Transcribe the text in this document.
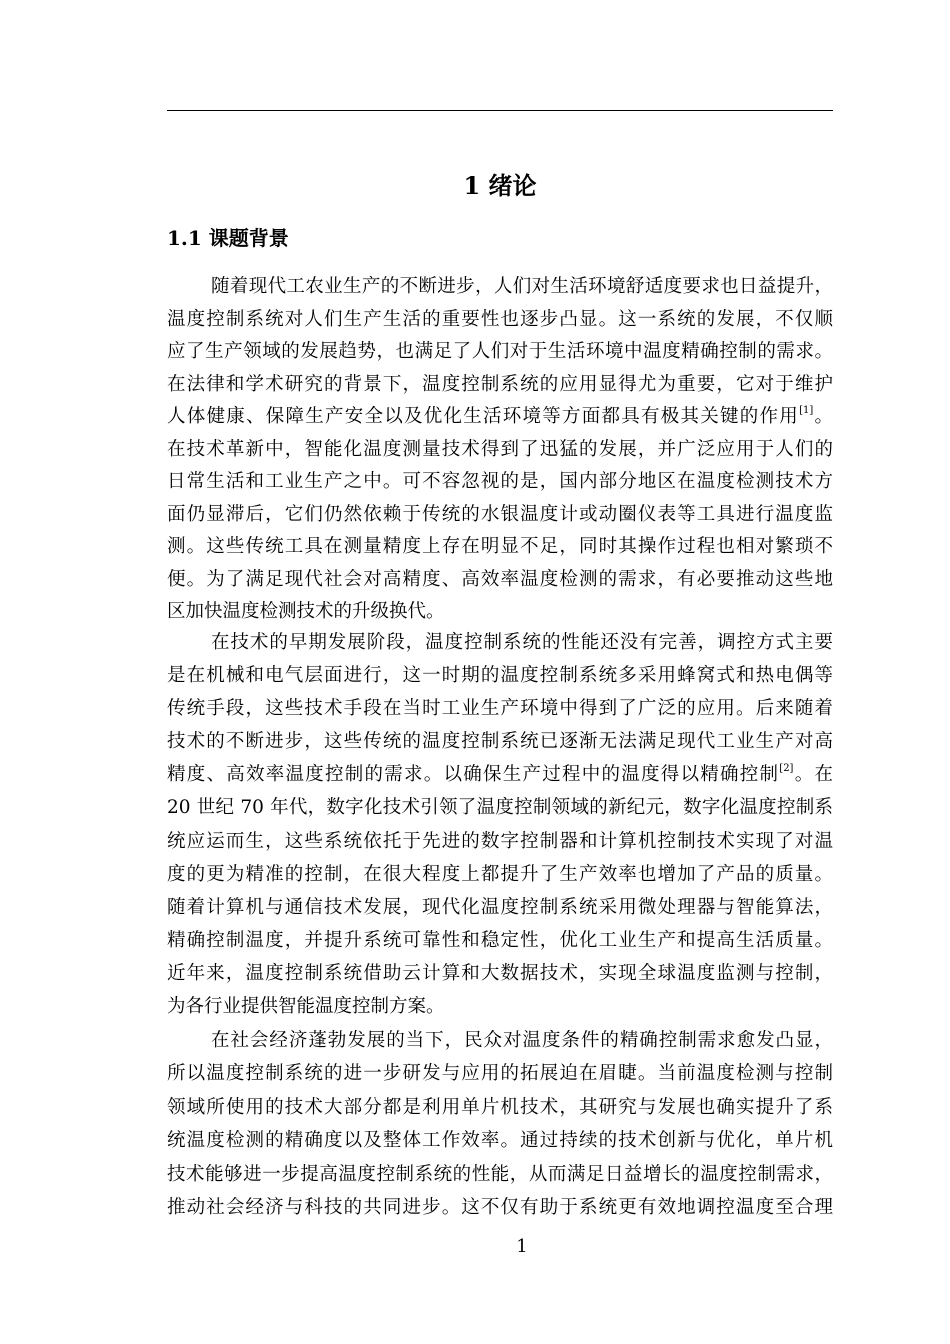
1 绪论
1.1 课题背景
随着现代工农业生产的不断进步，人们对生活环境舒适度要求也日益提升，
温度控制系统对人们生产生活的重要性也逐步凸显。这一系统的发展，不仅顺
应了生产领域的发展趋势，也满足了人们对于生活环境中温度精确控制的需求。
在法律和学术研究的背景下，温度控制系统的应用显得尤为重要，它对于维护
人体健康、保障生产安全以及优化生活环境等方面都具有极其关键的作用[1]。
在技术革新中，智能化温度测量技术得到了迅猛的发展，并广泛应用于人们的
日常生活和工业生产之中。可不容忽视的是，国内部分地区在温度检测技术方
面仍显滞后，它们仍然依赖于传统的水银温度计或动圈仪表等工具进行温度监
测。这些传统工具在测量精度上存在明显不足，同时其操作过程也相对繁琐不
便。为了满足现代社会对高精度、高效率温度检测的需求，有必要推动这些地
区加快温度检测技术的升级换代。
在技术的早期发展阶段，温度控制系统的性能还没有完善，调控方式主要
是在机械和电气层面进行，这一时期的温度控制系统多采用蜂窝式和热电偶等
传统手段，这些技术手段在当时工业生产环境中得到了广泛的应用。后来随着
技术的不断进步，这些传统的温度控制系统已逐渐无法满足现代工业生产对高
精度、高效率温度控制的需求。以确保生产过程中的温度得以精确控制[2]。在
20 世纪 70 年代，数字化技术引领了温度控制领域的新纪元，数字化温度控制系
统应运而生，这些系统依托于先进的数字控制器和计算机控制技术实现了对温
度的更为精准的控制，在很大程度上都提升了生产效率也增加了产品的质量。
随着计算机与通信技术发展，现代化温度控制系统采用微处理器与智能算法，
精确控制温度，并提升系统可靠性和稳定性，优化工业生产和提高生活质量。
近年来，温度控制系统借助云计算和大数据技术，实现全球温度监测与控制，
为各行业提供智能温度控制方案。
在社会经济蓬勃发展的当下，民众对温度条件的精确控制需求愈发凸显，
所以温度控制系统的进一步研发与应用的拓展迫在眉睫。当前温度检测与控制
领域所使用的技术大部分都是利用单片机技术，其研究与发展也确实提升了系
统温度检测的精确度以及整体工作效率。通过持续的技术创新与优化，单片机
技术能够进一步提高温度控制系统的性能，从而满足日益增长的温度控制需求，
推动社会经济与科技的共同进步。这不仅有助于系统更有效地调控温度至合理
1
